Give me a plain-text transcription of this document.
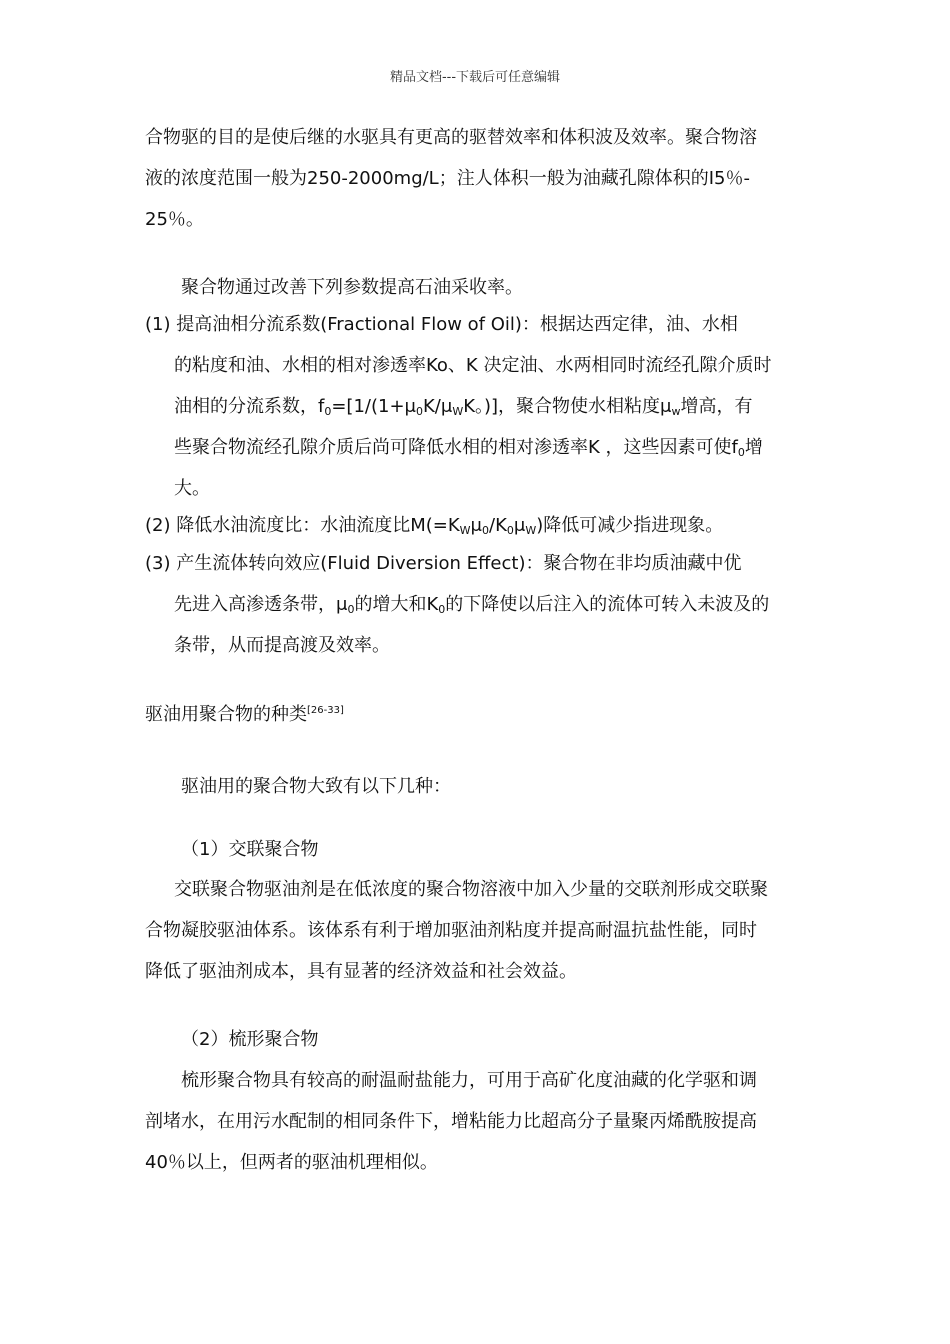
精品文档---下载后可任意编辑

合物驱的目的是使后继的水驱具有更高的驱替效率和体积波及效率。聚合物溶

液的浓度范围一般为250-2000mg/L；注人体积一般为油藏孔隙体积的I5％-

25％。

聚合物通过改善下列参数提高石油采收率。

(1) 提高油相分流系数(Fractional Flow of Oil)：根据达西定律，油、水相

的粘度和油、水相的相对渗透率Ko、K 决定油、水两相同时流经孔隙介质时

油相的分流系数，f0=[1/(1+μ0K/μWK。)]，聚合物使水相粘度μw增高，有

些聚合物流经孔隙介质后尚可降低水相的相对渗透率K ，这些因素可使f0增

大。

(2) 降低水油流度比：水油流度比M(=KWμ0/K0μW)降低可减少指进现象。

(3) 产生流体转向效应(Fluid Diversion Effect)：聚合物在非均质油藏中优

先进入高渗透条带，μ0的增大和K0的下降使以后注入的流体可转入未波及的

条带，从而提高渡及效率。

驱油用聚合物的种类[26-33]

驱油用的聚合物大致有以下几种：

（1）交联聚合物

交联聚合物驱油剂是在低浓度的聚合物溶液中加入少量的交联剂形成交联聚

合物凝胶驱油体系。该体系有利于增加驱油剂粘度并提高耐温抗盐性能，同时

降低了驱油剂成本，具有显著的经济效益和社会效益。

（2）梳形聚合物

梳形聚合物具有较高的耐温耐盐能力，可用于高矿化度油藏的化学驱和调

剖堵水，在用污水配制的相同条件下，增粘能力比超高分子量聚丙烯酰胺提高

40％以上，但两者的驱油机理相似。
